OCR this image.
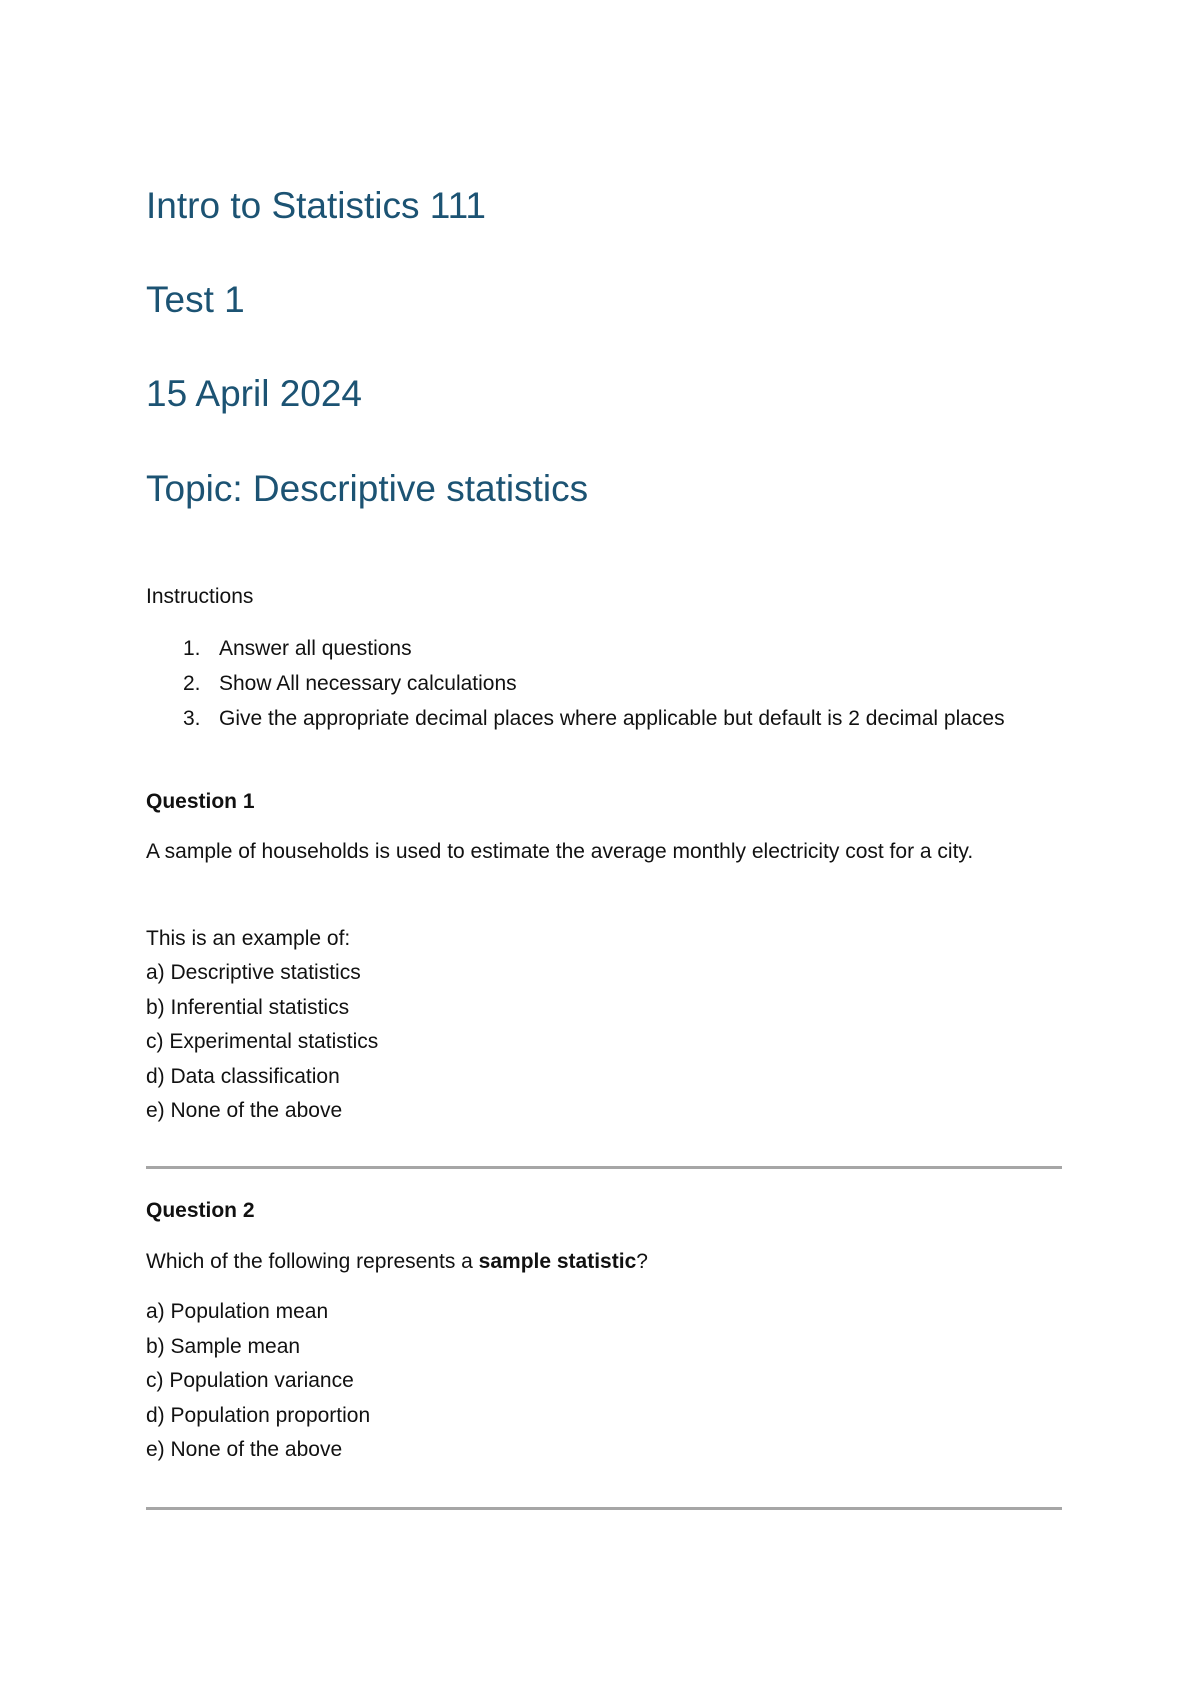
Intro to Statistics 111
Test 1
15 April 2024
Topic: Descriptive statistics
Instructions
1. Answer all questions
2. Show All necessary calculations
3. Give the appropriate decimal places where applicable but default is 2 decimal places
Question 1
A sample of households is used to estimate the average monthly electricity cost for a city.
This is an example of:
a) Descriptive statistics
b) Inferential statistics
c) Experimental statistics
d) Data classification
e) None of the above
Question 2
Which of the following represents a sample statistic?
a) Population mean
b) Sample mean
c) Population variance
d) Population proportion
e) None of the above
